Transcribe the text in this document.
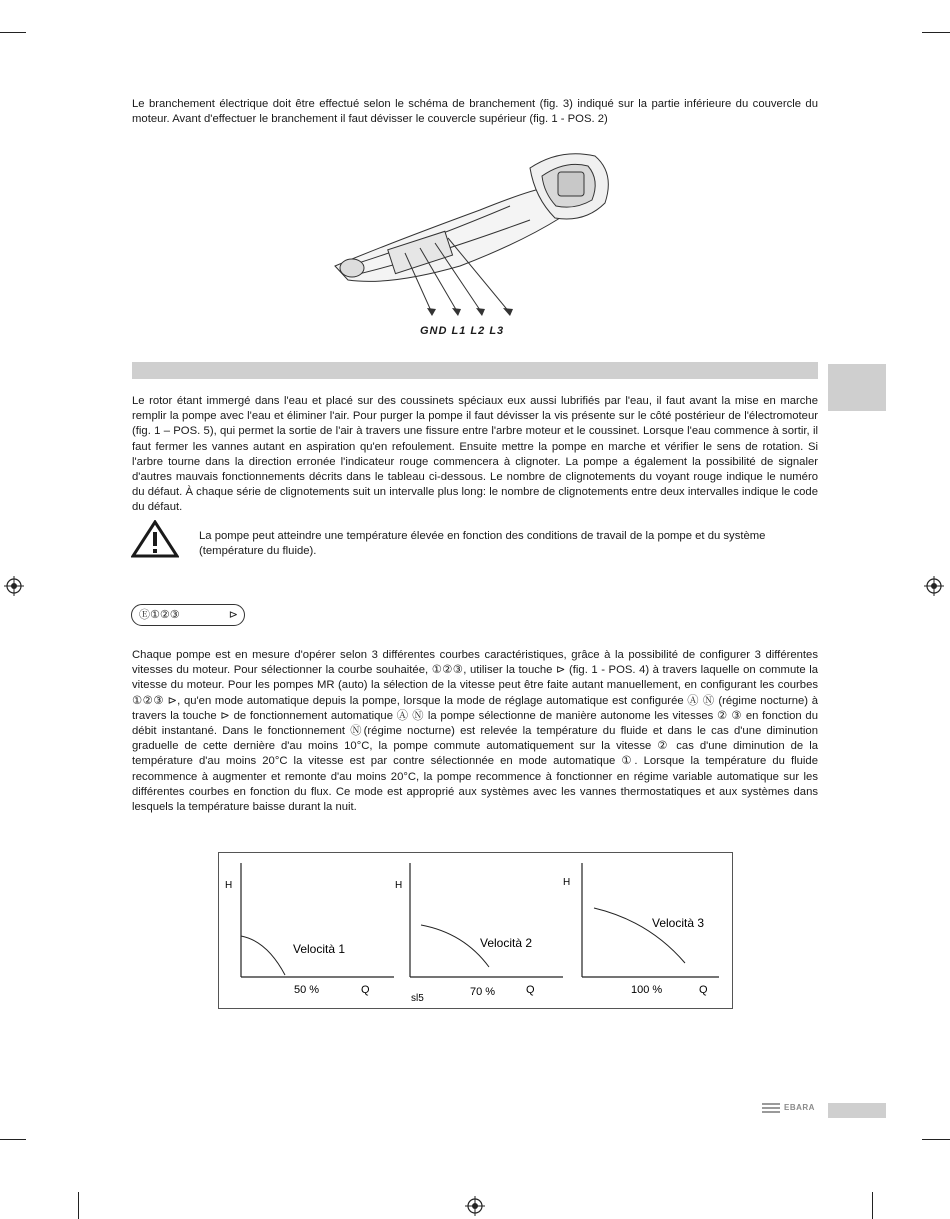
Le branchement électrique doit être effectué selon le schéma de branchement (fig. 3) indiqué sur la partie inférieure du couvercle du moteur. Avant d'effectuer le branchement il faut dévisser le couvercle supérieur (fig. 1 - POS. 2)

GND L1 L2 L3

Le rotor étant immergé dans l'eau et placé sur des coussinets spéciaux eux aussi lubrifiés par l'eau, il faut avant la mise en marche remplir la pompe avec l'eau et éliminer l'air. Pour purger la pompe il faut dévisser la vis présente sur le côté postérieur de l'électromoteur (fig. 1 – POS. 5), qui permet la sortie de l'air à travers une fissure entre l'arbre moteur et le coussinet. Lorsque l'eau commence à sortir, il faut fermer les vannes autant en aspiration qu'en refoulement. Ensuite mettre la pompe en marche et vérifier le sens de rotation. Si l'arbre tourne dans la direction erronée l'indicateur rouge commencera à clignoter. La pompe a également la possibilité de signaler d'autres mauvais fonctionnements décrits dans le tableau ci-dessous. Le nombre de clignotements du voyant rouge indique le numéro du défaut. À chaque série de clignotements suit un intervalle plus long: le nombre de clignotements entre deux intervalles indique le code du défaut.

La pompe peut atteindre une température élevée en fonction des conditions de travail de la pompe et du système (température du fluide).

Ⓔ①②③	⊳

Chaque pompe est en mesure d'opérer selon 3 différentes courbes caractéristiques, grâce à la possibilité de configurer 3 différentes vitesses du moteur. Pour sélectionner la courbe souhaitée, ①②③, utiliser la touche ⊳ (fig. 1 - POS. 4) à travers laquelle on commute la vitesse du moteur. Pour les pompes MR (auto) la sélection de la vitesse peut être faite autant manuellement, en configurant les courbes ①②③ ⊳, qu'en mode automatique depuis la pompe, lorsque la mode de réglage automatique est configurée Ⓐ Ⓝ (régime nocturne) à travers la touche ⊳ de fonctionnement automatique Ⓐ Ⓝ la pompe sélectionne de manière autonome les vitesses ② ③ en fonction du débit instantané. Dans le fonctionnement Ⓝ(régime nocturne) est relevée la température du fluide et dans le cas d'une diminution graduelle de cette dernière d'au moins 10°C, la pompe commute automatiquement sur la vitesse ② cas d'une diminution de la température d'au moins 20°C la vitesse est par contre sélectionnée en mode automatique ①. Lorsque la température du fluide recommence à augmenter et remonte d'au moins 20°C, la pompe recommence à fonctionner en régime variable automatique sur les différentes courbes en fonction du flux. Ce mode est approprié aux systèmes avec les vannes thermostatiques et aux systèmes dans lesquels la température baisse durant la nuit.

H
Velocità 1
50 %	Q
H
Velocità 2
70 %	Q
H
Velocità 3
100 %	Q
sl5
EBARA
